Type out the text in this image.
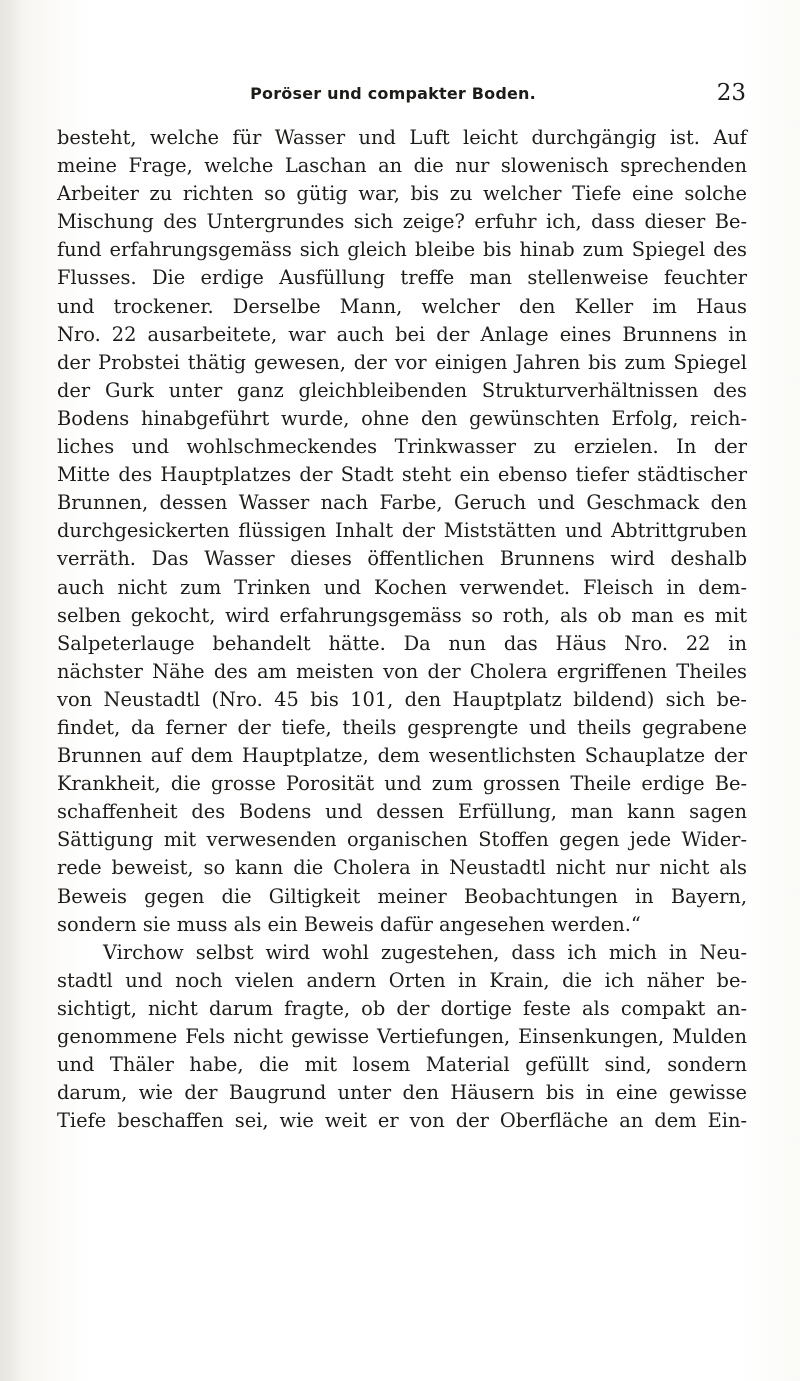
Poröser und compakter Boden.	23
besteht, welche für Wasser und Luft leicht durchgängig ist. Auf
meine Frage, welche Laschan an die nur slowenisch sprechenden
Arbeiter zu richten so gütig war, bis zu welcher Tiefe eine solche
Mischung des Untergrundes sich zeige? erfuhr ich, dass dieser Be-
fund erfahrungsgemäss sich gleich bleibe bis hinab zum Spiegel des
Flusses. Die erdige Ausfüllung treffe man stellenweise feuchter
und trockener. Derselbe Mann, welcher den Keller im Haus
Nro. 22 ausarbeitete, war auch bei der Anlage eines Brunnens in
der Probstei thätig gewesen, der vor einigen Jahren bis zum Spiegel
der Gurk unter ganz gleichbleibenden Strukturverhältnissen des
Bodens hinabgeführt wurde, ohne den gewünschten Erfolg, reich-
liches und wohlschmeckendes Trinkwasser zu erzielen. In der
Mitte des Hauptplatzes der Stadt steht ein ebenso tiefer städtischer
Brunnen, dessen Wasser nach Farbe, Geruch und Geschmack den
durchgesickerten flüssigen Inhalt der Miststätten und Abtrittgruben
verräth. Das Wasser dieses öffentlichen Brunnens wird deshalb
auch nicht zum Trinken und Kochen verwendet. Fleisch in dem-
selben gekocht, wird erfahrungsgemäss so roth, als ob man es mit
Salpeterlauge behandelt hätte. Da nun das Häus Nro. 22 in
nächster Nähe des am meisten von der Cholera ergriffenen Theiles
von Neustadtl (Nro. 45 bis 101, den Hauptplatz bildend) sich be-
findet, da ferner der tiefe, theils gesprengte und theils gegrabene
Brunnen auf dem Hauptplatze, dem wesentlichsten Schauplatze der
Krankheit, die grosse Porosität und zum grossen Theile erdige Be-
schaffenheit des Bodens und dessen Erfüllung, man kann sagen
Sättigung mit verwesenden organischen Stoffen gegen jede Wider-
rede beweist, so kann die Cholera in Neustadtl nicht nur nicht als
Beweis gegen die Giltigkeit meiner Beobachtungen in Bayern,
sondern sie muss als ein Beweis dafür angesehen werden.“
Virchow selbst wird wohl zugestehen, dass ich mich in Neu-
stadtl und noch vielen andern Orten in Krain, die ich näher be-
sichtigt, nicht darum fragte, ob der dortige feste als compakt an-
genommene Fels nicht gewisse Vertiefungen, Einsenkungen, Mulden
und Thäler habe, die mit losem Material gefüllt sind, sondern
darum, wie der Baugrund unter den Häusern bis in eine gewisse
Tiefe beschaffen sei, wie weit er von der Oberfläche an dem Ein-
